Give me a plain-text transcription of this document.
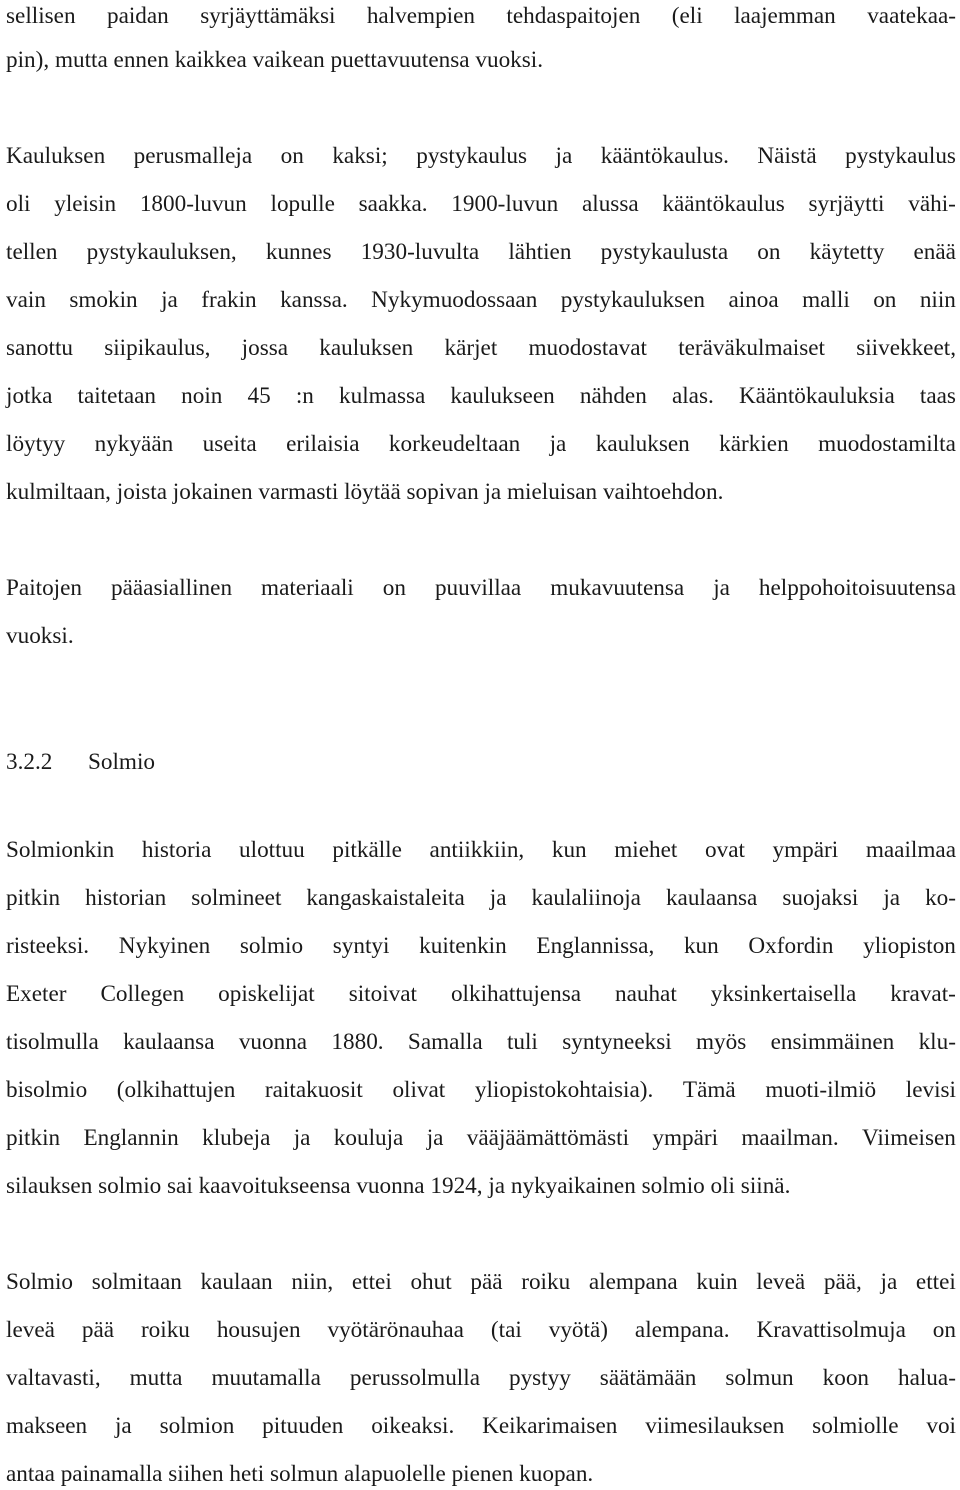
sellisen paidan syrjäyttämäksi halvempien tehdaspaitojen (eli laajemman vaatekaa-
pin), mutta ennen kaikkea vaikean puettavuutensa vuoksi.
Kauluksen perusmalleja on kaksi; pystykaulus ja kääntökaulus. Näistä pystykaulus
oli yleisin 1800-luvun lopulle saakka. 1900-luvun alussa kääntökaulus syrjäytti vähi-
tellen pystykauluksen, kunnes 1930-luvulta lähtien pystykaulusta on käytetty enää
vain smokin ja frakin kanssa. Nykymuodossaan pystykauluksen ainoa malli on niin
sanottu siipikaulus, jossa kauluksen kärjet muodostavat teräväkulmaiset siivekkeet,
jotka taitetaan noin 45 :n kulmassa kaulukseen nähden alas. Kääntökauluksia taas
löytyy nykyään useita erilaisia korkeudeltaan ja kauluksen kärkien muodostamilta
kulmiltaan, joista jokainen varmasti löytää sopivan ja mieluisan vaihtoehdon.
Paitojen pääasiallinen materiaali on puuvillaa mukavuutensa ja helppohoitoisuutensa
vuoksi.
3.2.2 Solmio
Solmionkin historia ulottuu pitkälle antiikkiin, kun miehet ovat ympäri maailmaa
pitkin historian solmineet kangaskaistaleita ja kaulaliinoja kaulaansa suojaksi ja ko-
risteeksi. Nykyinen solmio syntyi kuitenkin Englannissa, kun Oxfordin yliopiston
Exeter Collegen opiskelijat sitoivat olkihattujensa nauhat yksinkertaisella kravat-
tisolmulla kaulaansa vuonna 1880. Samalla tuli syntyneeksi myös ensimmäinen klu-
bisolmio (olkihattujen raitakuosit olivat yliopistokohtaisia). Tämä muoti-ilmiö levisi
pitkin Englannin klubeja ja kouluja ja vääjäämättömästi ympäri maailman. Viimeisen
silauksen solmio sai kaavoitukseensa vuonna 1924, ja nykyaikainen solmio oli siinä.
Solmio solmitaan kaulaan niin, ettei ohut pää roiku alempana kuin leveä pää, ja ettei
leveä pää roiku housujen vyötärönauhaa (tai vyötä) alempana. Kravattisolmuja on
valtavasti, mutta muutamalla perussolmulla pystyy säätämään solmun koon halua-
makseen ja solmion pituuden oikeaksi. Keikarimaisen viimesilauksen solmiolle voi
antaa painamalla siihen heti solmun alapuolelle pienen kuopan.
